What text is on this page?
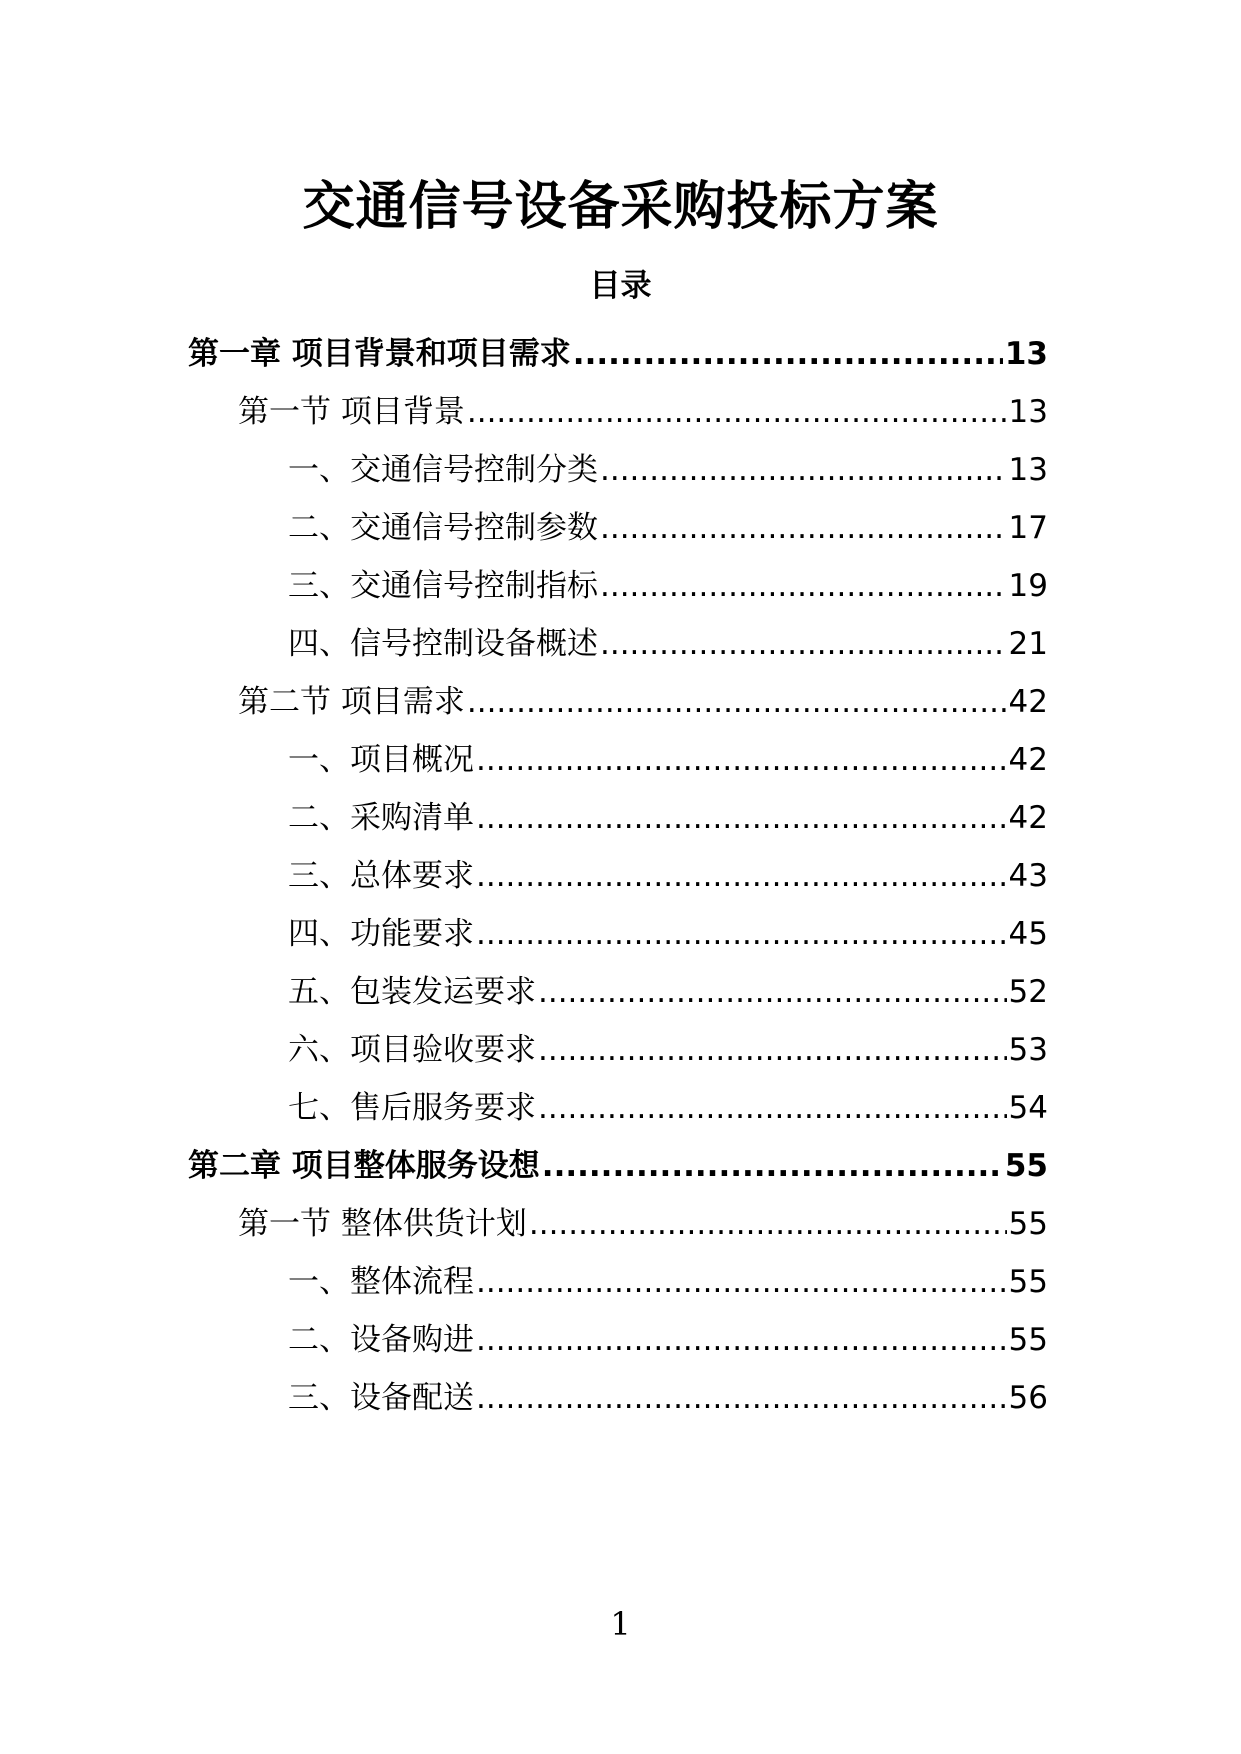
交通信号设备采购投标方案
目录
第一章 项目背景和项目需求 .....	13
第一节 项目背景 .....	13
一、交通信号控制分类 .....	13
二、交通信号控制参数 .....	17
三、交通信号控制指标 .....	19
四、信号控制设备概述 .....	21
第二节 项目需求 .....	42
一、项目概况 .....	42
二、采购清单 .....	42
三、总体要求 .....	43
四、功能要求 .....	45
五、包装发运要求 .....	52
六、项目验收要求 .....	53
七、售后服务要求 .....	54
第二章 项目整体服务设想 .....	55
第一节 整体供货计划 .....	55
一、整体流程 .....	55
二、设备购进 .....	55
三、设备配送 .....	56
1
